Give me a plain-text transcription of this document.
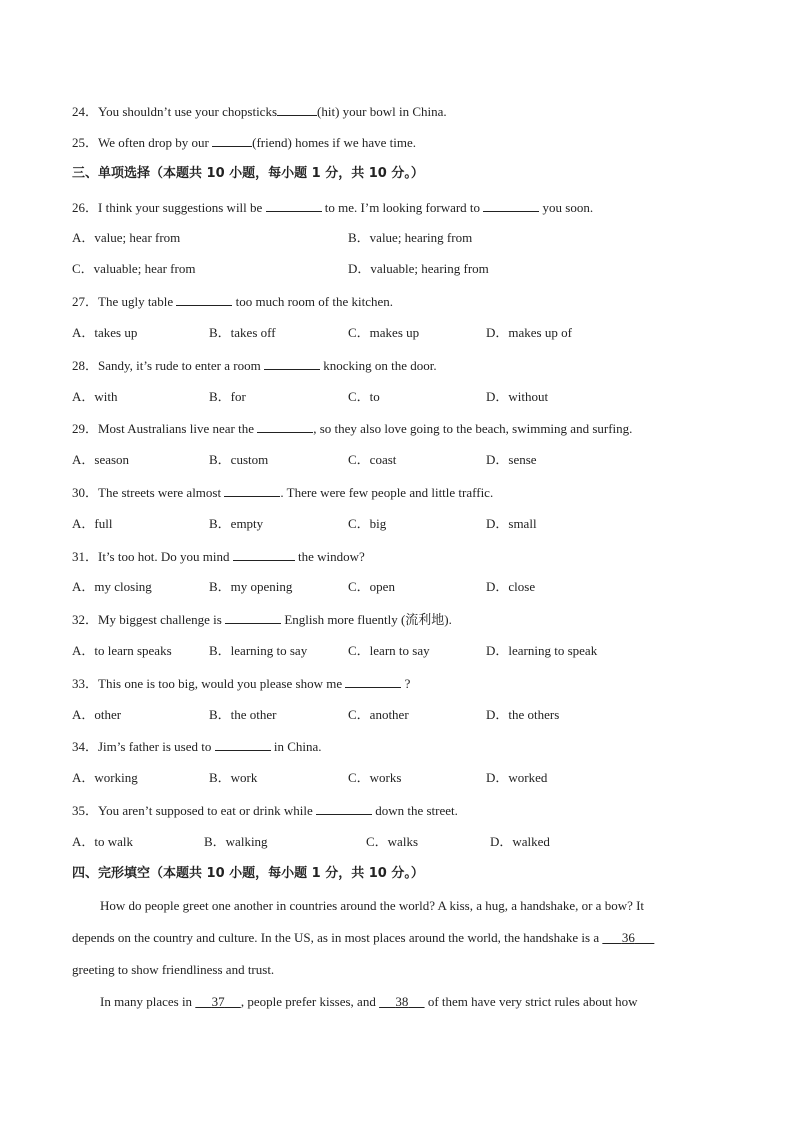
24．You shouldn’t use your chopsticks	(hit) your bowl in China.
25．We often drop by our	(friend) homes if we have time.
三、单项选择（本题共 10 小题，每小题 1 分，共 10 分。）
26．I think your suggestions will be	to me. I’m looking forward to	you soon.
A．value; hear from	B．value; hearing from
C．valuable; hear from	D．valuable; hearing from
27．The ugly table	too much room of the kitchen.
A．takes up	B．takes off	C．makes up	D．makes up of
28．Sandy, it’s rude to enter a room	knocking on the door.
A．with	B．for	C．to	D．without
29．Most Australians live near the	, so they also love going to the beach, swimming and surfing.
A．season	B．custom	C．coast	D．sense
30．The streets were almost	. There were few people and little traffic.
A．full	B．empty	C．big	D．small
31．It’s too hot. Do you mind	the window?
A．my closing	B．my opening	C．open	D．close
32．My biggest challenge is	English more fluently (流利地).
A．to learn speaks	B．learning to say	C．learn to say	D．learning to speak
33．This one is too big, would you please show me	?
A．other	B．the other	C．another	D．the others
34．Jim’s father is used to	in China.
A．working	B．work	C．works	D．worked
35．You aren’t supposed to eat or drink while	down the street.
A．to walk	B．walking	C．walks	D．walked
四、完形填空（本题共 10 小题，每小题 1 分，共 10 分。）
How do people greet one another in countries around the world? A kiss, a hug, a handshake, or a bow? It
depends on the country and culture. In the US, as in most places around the world, the handshake is a       36
greeting to show friendliness and trust.
In many places in      37 , people prefer kisses, and      38      of them have very strict rules about how
